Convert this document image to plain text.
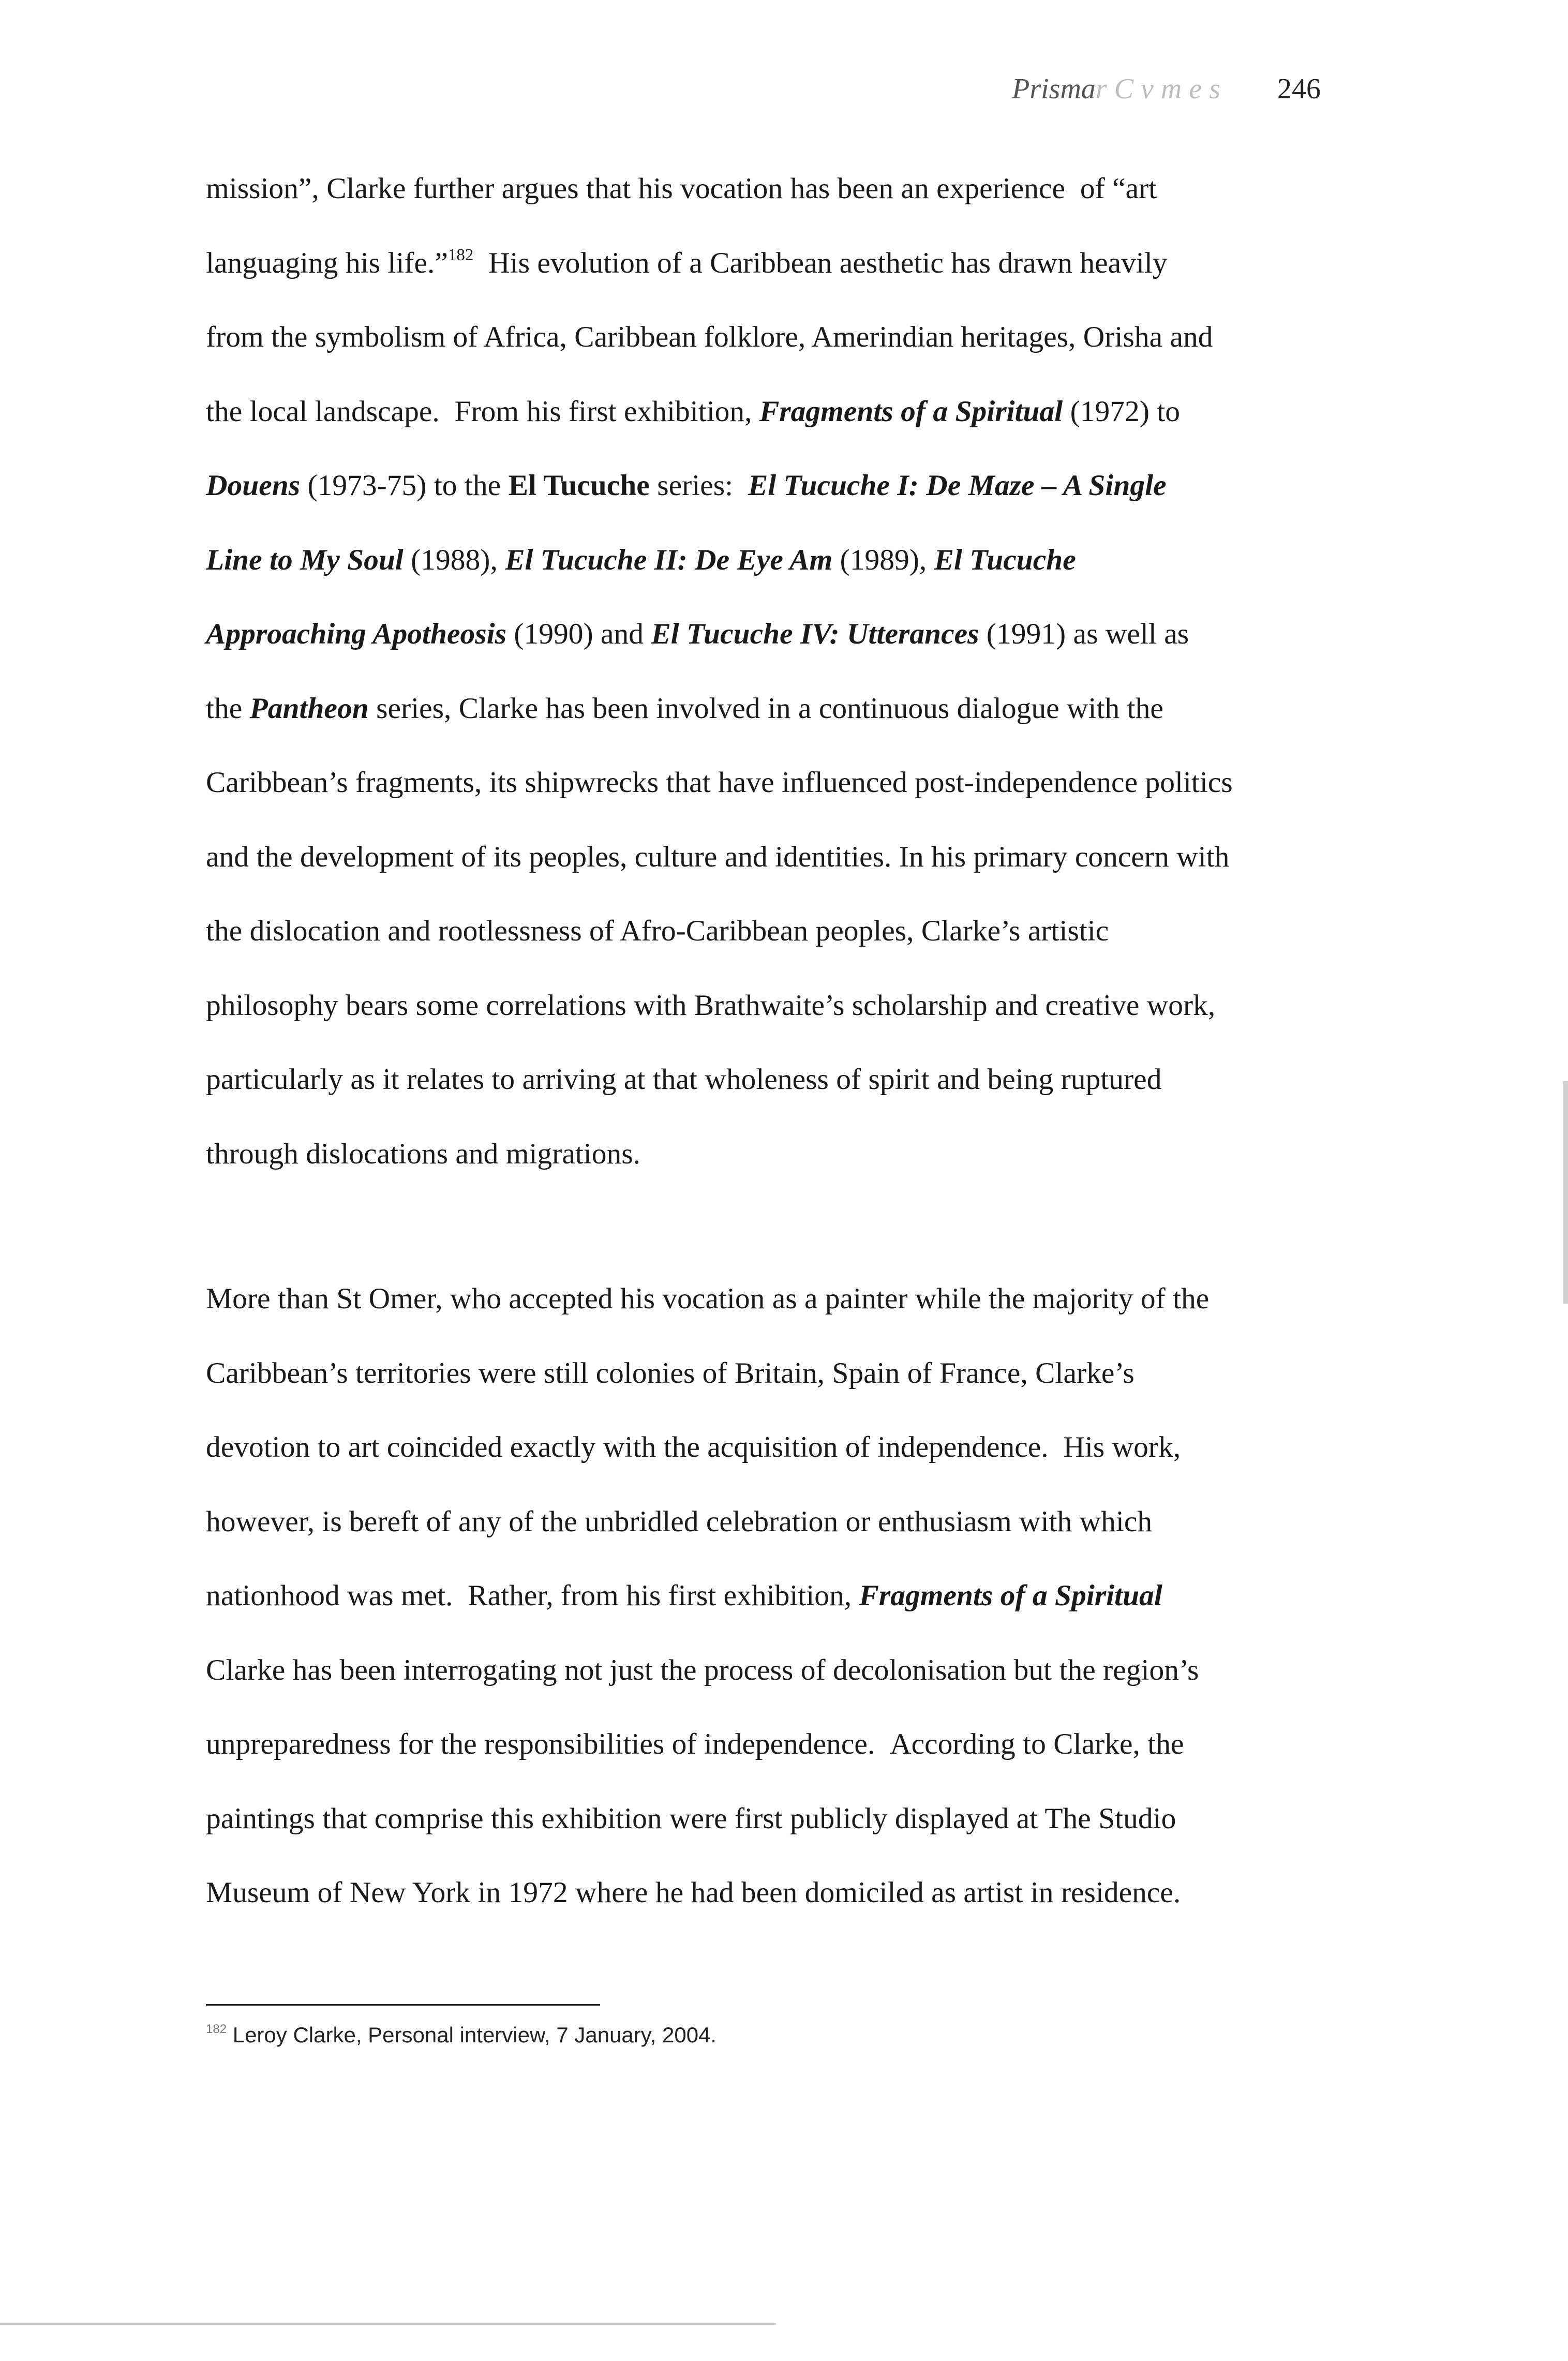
Prismar C v m e s 246
mission”, Clarke further argues that his vocation has been an experience  of “art
languaging his life.”$^{182}$  His evolution of a Caribbean aesthetic has drawn heavily
from the symbolism of Africa, Caribbean folklore, Amerindian heritages, Orisha and
the local landscape.  From his first exhibition, Fragments of a Spiritual (1972) to
Douens (1973-75) to the El Tucuche series:  El Tucuche I: De Maze – A Single
Line to My Soul (1988), El Tucuche II: De Eye Am (1989), El Tucuche
Approaching Apotheosis (1990) and El Tucuche IV: Utterances (1991) as well as
the Pantheon series, Clarke has been involved in a continuous dialogue with the
Caribbean’s fragments, its shipwrecks that have influenced post-independence politics
and the development of its peoples, culture and identities. In his primary concern with
the dislocation and rootlessness of Afro-Caribbean peoples, Clarke’s artistic
philosophy bears some correlations with Brathwaite’s scholarship and creative work,
particularly as it relates to arriving at that wholeness of spirit and being ruptured
through dislocations and migrations.
More than St Omer, who accepted his vocation as a painter while the majority of the
Caribbean’s territories were still colonies of Britain, Spain of France, Clarke’s
devotion to art coincided exactly with the acquisition of independence.  His work,
however, is bereft of any of the unbridled celebration or enthusiasm with which
nationhood was met.  Rather, from his first exhibition, Fragments of a Spiritual
Clarke has been interrogating not just the process of decolonisation but the region’s
unpreparedness for the responsibilities of independence.  According to Clarke, the
paintings that comprise this exhibition were first publicly displayed at The Studio
Museum of New York in 1972 where he had been domiciled as artist in residence.
$^{182}$ Leroy Clarke, Personal interview, 7 January, 2004.
